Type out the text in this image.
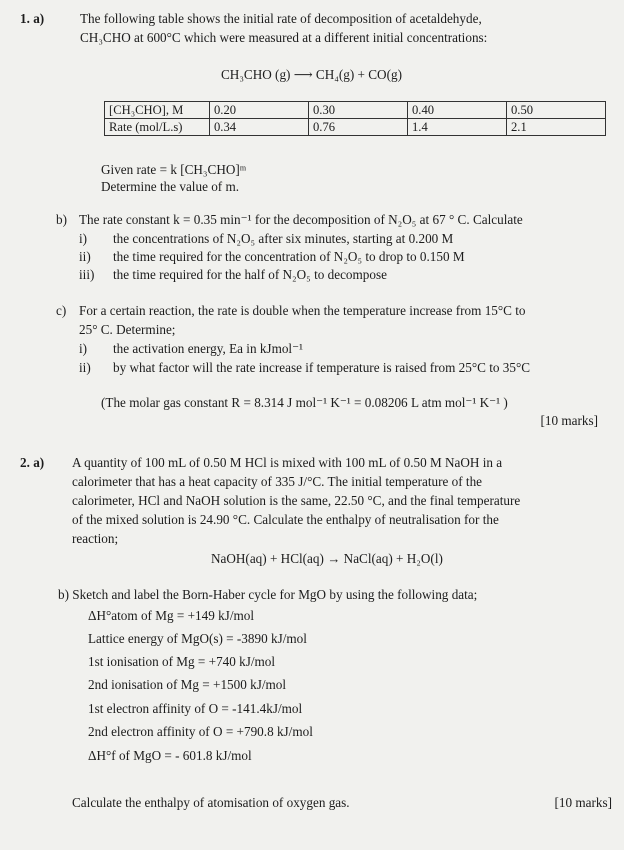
1. a)	The following table shows the initial rate of decomposition of acetaldehyde,
CH₃CHO at 600°C which were measured at a different initial concentrations:
CH₃CHO (g) ⟶ CH₄(g) + CO(g)
[CH₃CHO], M	0.20	0.30	0.40	0.50
Rate (mol/L.s)	0.34	0.76	1.4	2.1
Given rate = k [CH₃CHO]ᵐ
Determine the value of m.
b) The rate constant k = 0.35 min⁻¹ for the decomposition of N₂O₅ at 67 ° C. Calculate
i) the concentrations of N₂O₅ after six minutes, starting at 0.200 M
ii) the time required for the concentration of N₂O₅ to drop to 0.150 M
iii) the time required for the half of N₂O₅ to decompose
c) For a certain reaction, the rate is double when the temperature increase from 15°C to
25° C. Determine;
i) the activation energy, Ea in kJmol⁻¹
ii) by what factor will the rate increase if temperature is raised from 25°C to 35°C
(The molar gas constant R = 8.314 J mol⁻¹ K⁻¹ = 0.08206 L atm mol⁻¹ K⁻¹ )
[10 marks]
2. a) A quantity of 100 mL of 0.50 M HCl is mixed with 100 mL of 0.50 M NaOH in a
calorimeter that has a heat capacity of 335 J/°C. The initial temperature of the
calorimeter, HCl and NaOH solution is the same, 22.50 °C, and the final temperature
of the mixed solution is 24.90 °C. Calculate the enthalpy of neutralisation for the
reaction;
NaOH(aq) + HCl(aq) → NaCl(aq) + H₂O(l)
b) Sketch and label the Born-Haber cycle for MgO by using the following data;
ΔH°atom of Mg = +149 kJ/mol
Lattice energy of MgO(s) = -3890 kJ/mol
1st ionisation of Mg = +740 kJ/mol
2nd ionisation of Mg = +1500 kJ/mol
1st electron affinity of O = -141.4kJ/mol
2nd electron affinity of O = +790.8 kJ/mol
ΔH°f of MgO = - 601.8 kJ/mol
Calculate the enthalpy of atomisation of oxygen gas.	[10 marks]
